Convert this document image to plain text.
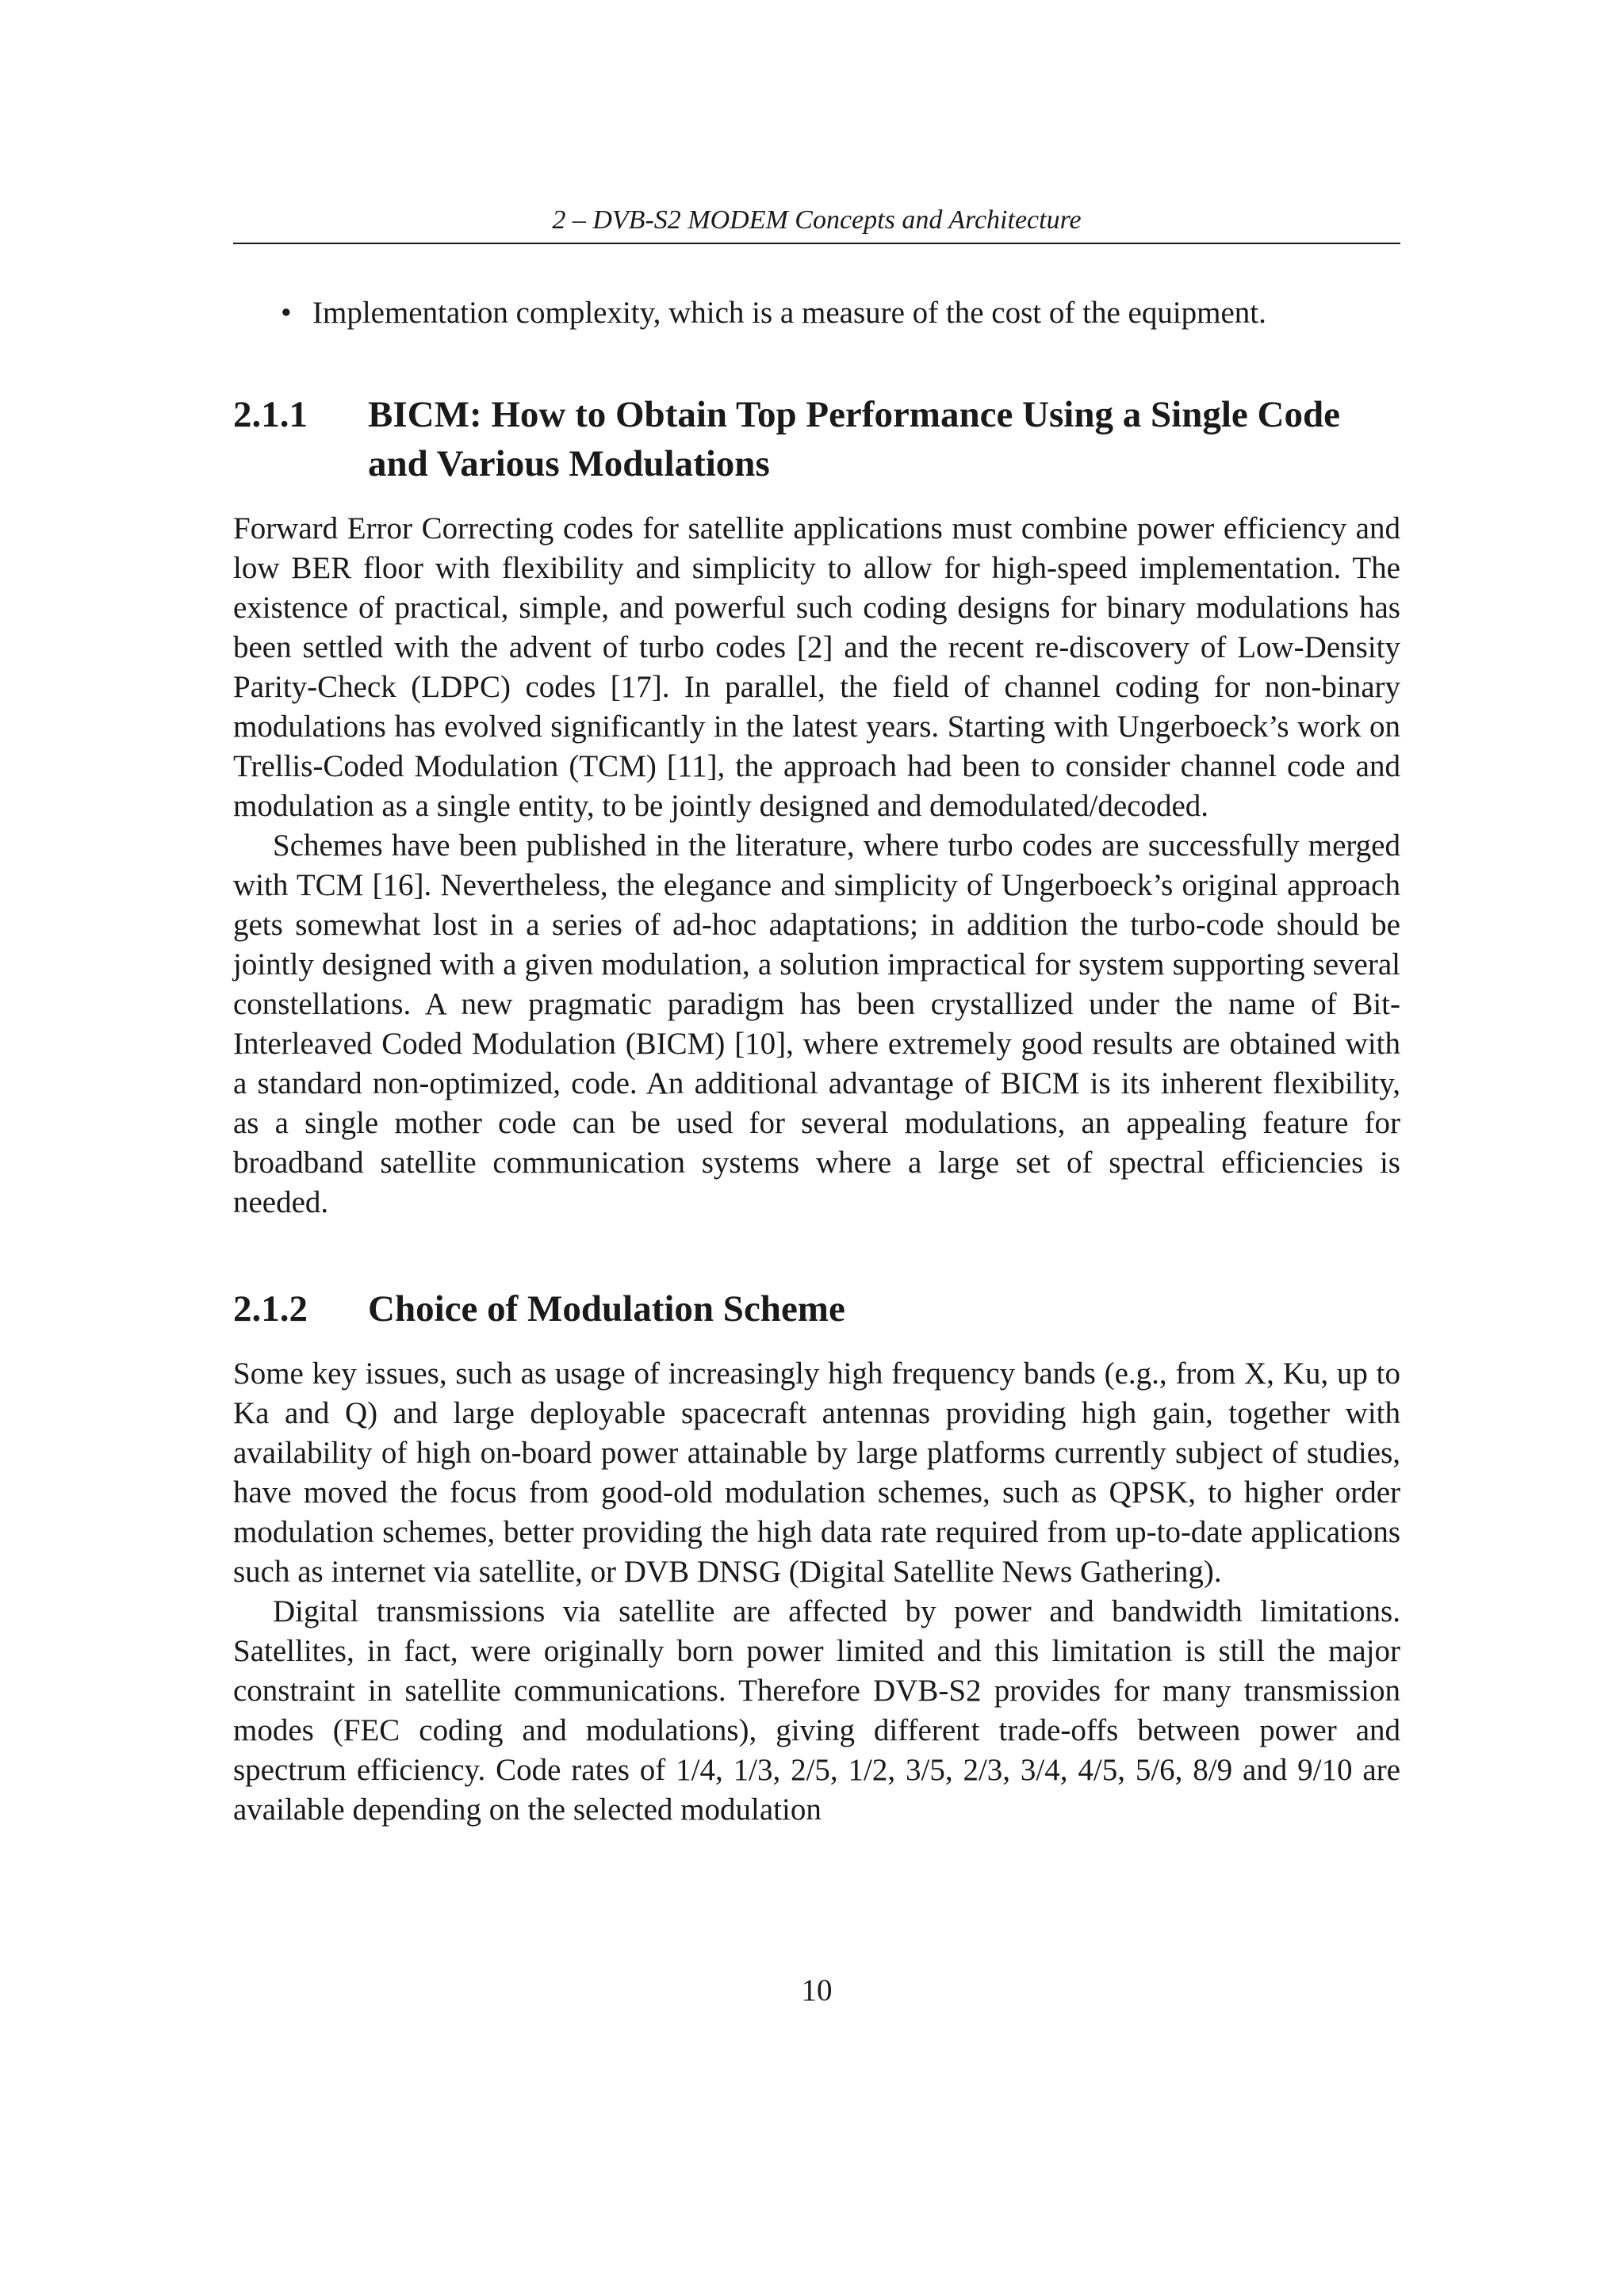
2 – DVB-S2 MODEM Concepts and Architecture
• Implementation complexity, which is a measure of the cost of the equipment.
2.1.1	BICM: How to Obtain Top Performance Using a Single Code and Various Modulations

Forward Error Correcting codes for satellite applications must combine power efficiency and low BER floor with flexibility and simplicity to allow for high-speed implementation. The existence of practical, simple, and powerful such coding designs for binary modulations has been settled with the advent of turbo codes [2] and the recent re-discovery of Low-Density Parity-Check (LDPC) codes [17]. In parallel, the field of channel coding for non-binary modulations has evolved significantly in the latest years. Starting with Ungerboeck’s work on Trellis-Coded Modulation (TCM) [11], the approach had been to consider channel code and modulation as a single entity, to be jointly designed and demodulated/decoded.

Schemes have been published in the literature, where turbo codes are successfully merged with TCM [16]. Nevertheless, the elegance and simplicity of Ungerboeck’s original approach gets somewhat lost in a series of ad-hoc adaptations; in addition the turbo-code should be jointly designed with a given modulation, a solution impractical for system supporting several constellations. A new pragmatic paradigm has been crystallized under the name of Bit-Interleaved Coded Modulation (BICM) [10], where extremely good results are obtained with a standard non-optimized, code. An additional advantage of BICM is its inherent flexibility, as a single mother code can be used for several modulations, an appealing feature for broadband satellite communication systems where a large set of spectral efficiencies is needed.

2.1.2	Choice of Modulation Scheme

Some key issues, such as usage of increasingly high frequency bands (e.g., from X, Ku, up to Ka and Q) and large deployable spacecraft antennas providing high gain, together with availability of high on-board power attainable by large platforms currently subject of studies, have moved the focus from good-old modulation schemes, such as QPSK, to higher order modulation schemes, better providing the high data rate required from up-to-date applications such as internet via satellite, or DVB DNSG (Digital Satellite News Gathering).

Digital transmissions via satellite are affected by power and bandwidth limitations. Satellites, in fact, were originally born power limited and this limitation is still the major constraint in satellite communications. Therefore DVB-S2 provides for many transmission modes (FEC coding and modulations), giving different trade-offs between power and spectrum efficiency. Code rates of 1/4, 1/3, 2/5, 1/2, 3/5, 2/3, 3/4, 4/5, 5/6, 8/9 and 9/10 are available depending on the selected modulation

10
